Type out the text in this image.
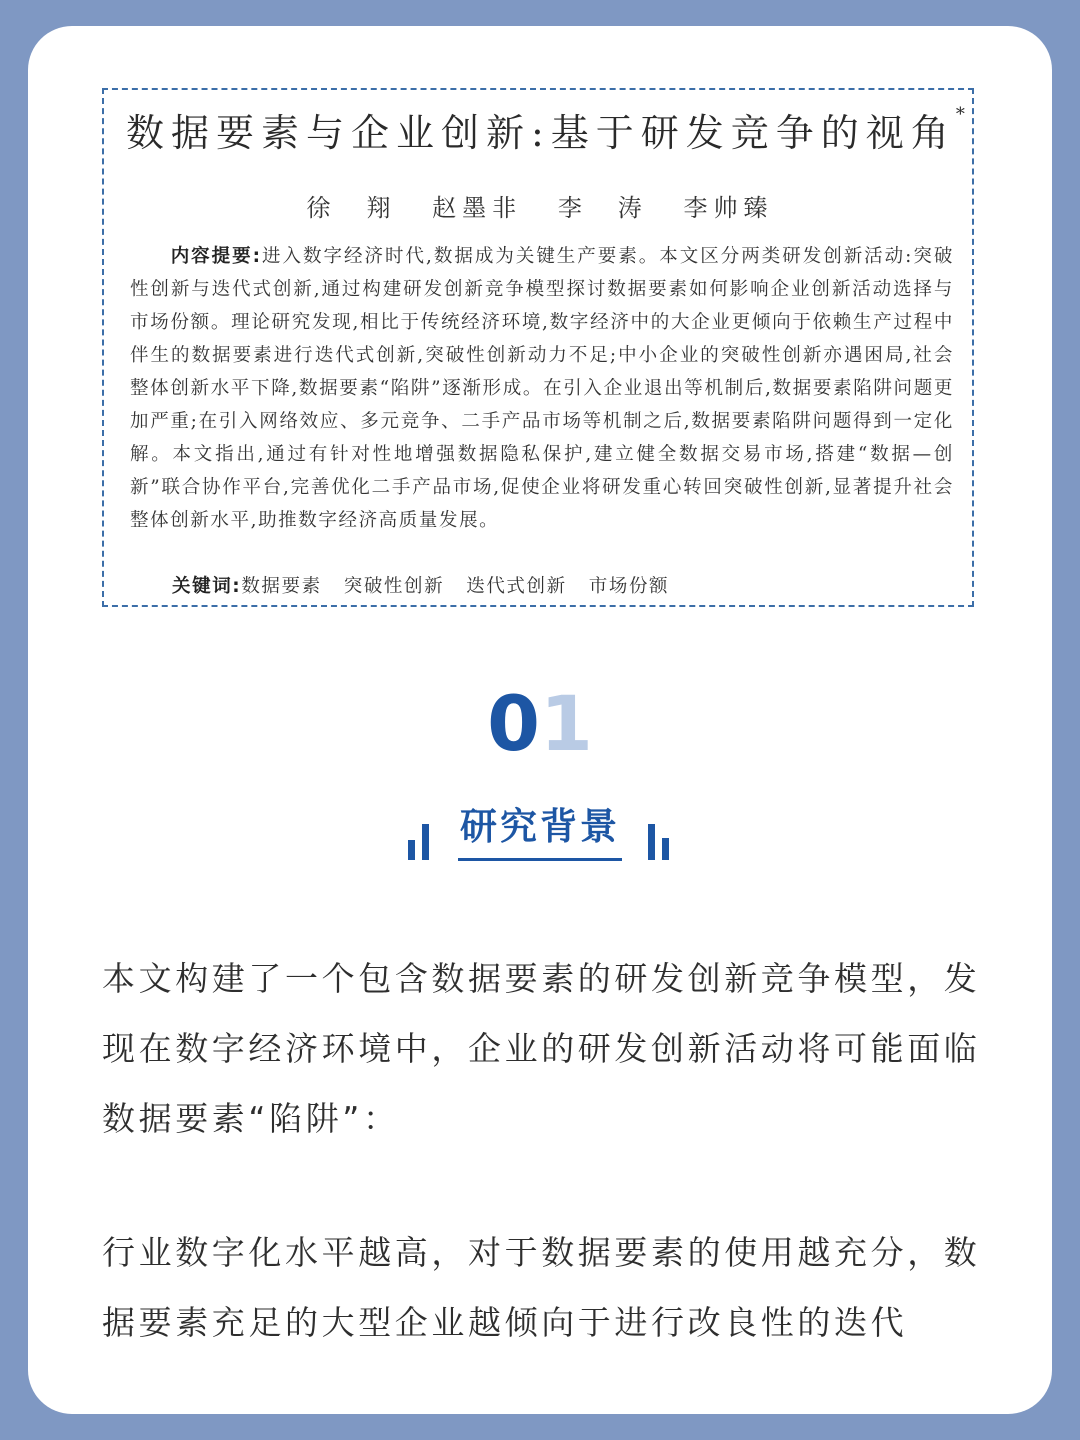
数据要素与企业创新:基于研发竞争的视角*
徐　翔 赵墨非 李　涛 李帅臻
内容提要:进入数字经济时代,数据成为关键生产要素。本文区分两类研发创新活动:突破性创新与迭代式创新,通过构建研发创新竞争模型探讨数据要素如何影响企业创新活动选择与市场份额。理论研究发现,相比于传统经济环境,数字经济中的大企业更倾向于依赖生产过程中伴生的数据要素进行迭代式创新,突破性创新动力不足;中小企业的突破性创新亦遇困局,社会整体创新水平下降,数据要素“陷阱”逐渐形成。在引入企业退出等机制后,数据要素陷阱问题更加严重;在引入网络效应、多元竞争、二手产品市场等机制之后,数据要素陷阱问题得到一定化解。本文指出,通过有针对性地增强数据隐私保护,建立健全数据交易市场,搭建“数据—创新”联合协作平台,完善优化二手产品市场,促使企业将研发重心转回突破性创新,显著提升社会整体创新水平,助推数字经济高质量发展。
关键词:数据要素 突破性创新 迭代式创新 市场份额
01
研究背景
本文构建了一个包含数据要素的研发创新竞争模型，发现在数字经济环境中，企业的研发创新活动将可能面临数据要素“陷阱”：
行业数字化水平越高，对于数据要素的使用越充分，数据要素充足的大型企业越倾向于进行改良性的迭代
